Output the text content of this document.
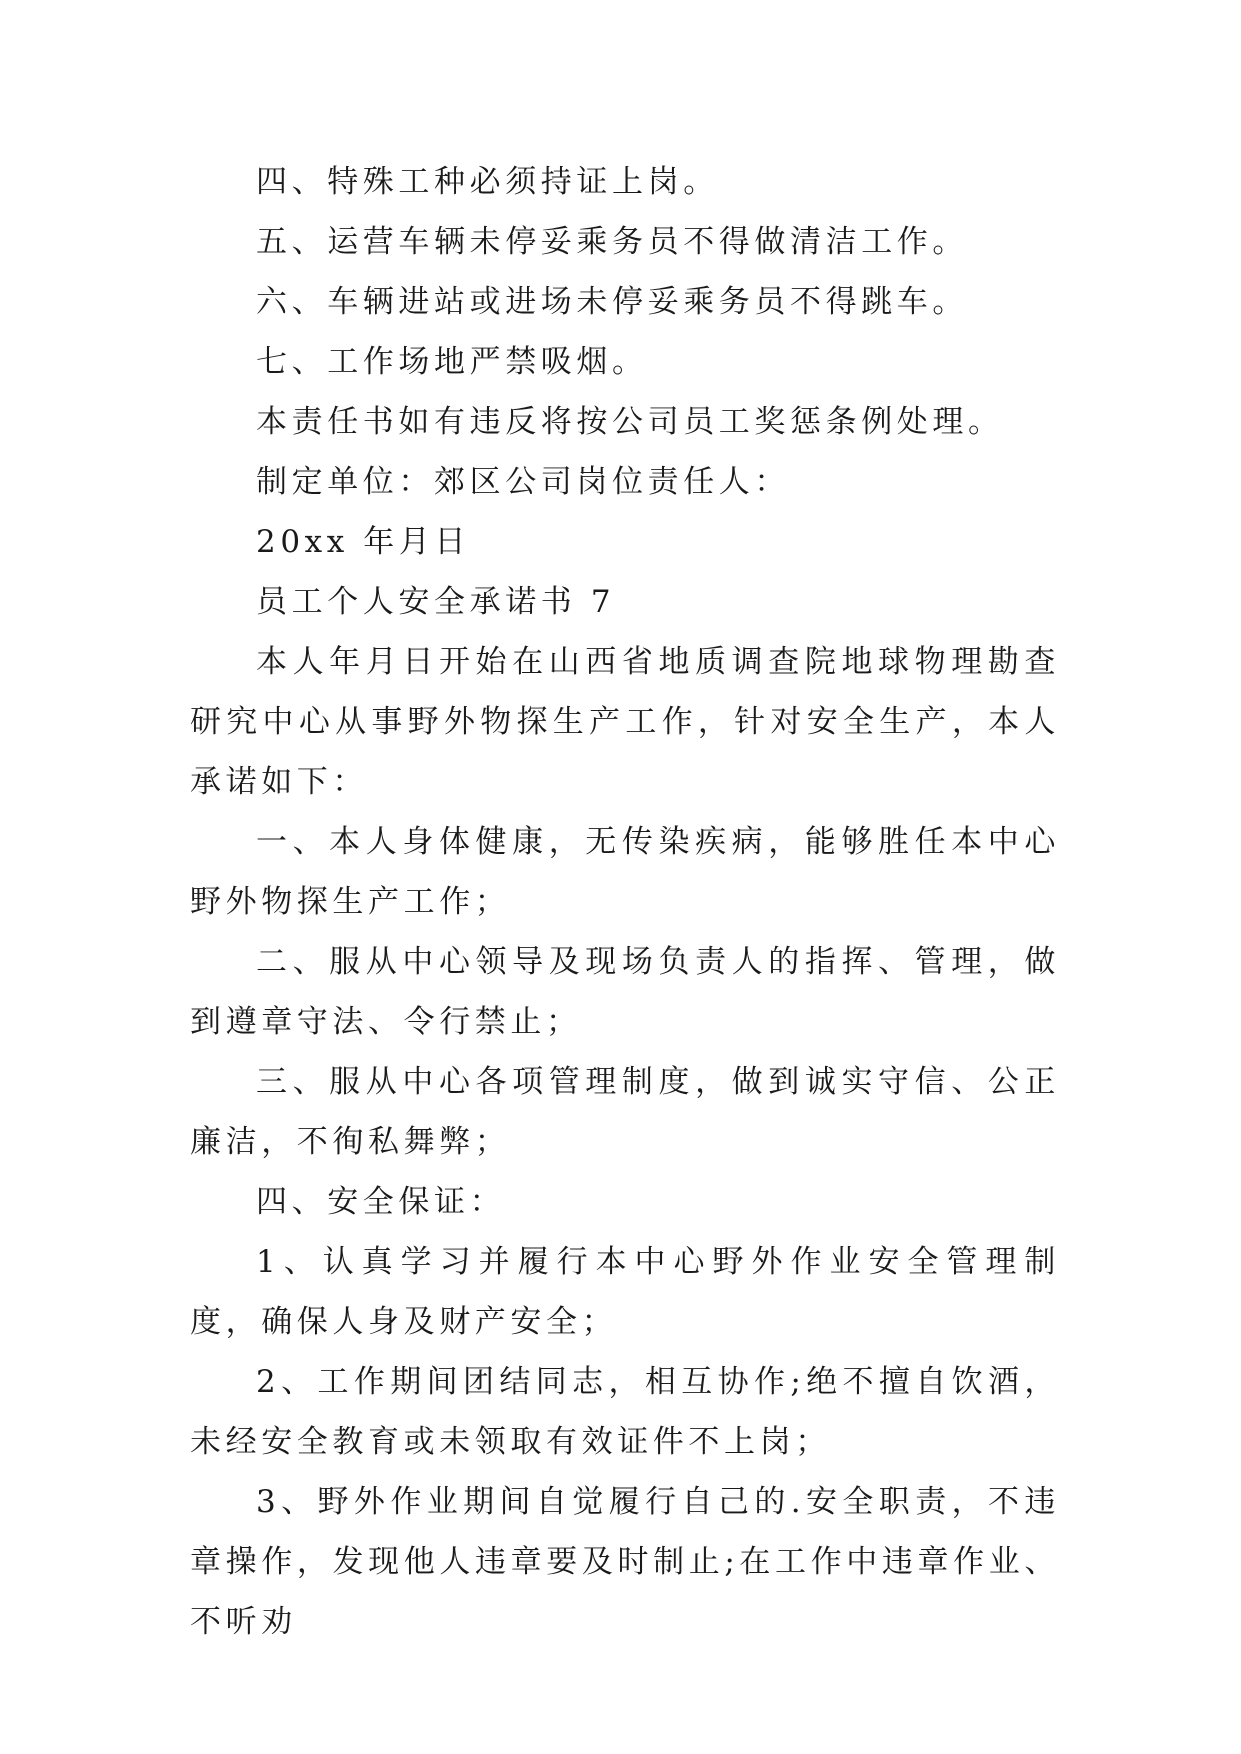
四、特殊工种必须持证上岗。

五、运营车辆未停妥乘务员不得做清洁工作。

六、车辆进站或进场未停妥乘务员不得跳车。

七、工作场地严禁吸烟。

本责任书如有违反将按公司员工奖惩条例处理。

制定单位：郊区公司岗位责任人：

20xx 年月日

员工个人安全承诺书 7

本人年月日开始在山西省地质调查院地球物理勘查研究中心从事野外物探生产工作，针对安全生产，本人承诺如下：

一、本人身体健康，无传染疾病，能够胜任本中心野外物探生产工作；

二、服从中心领导及现场负责人的指挥、管理，做到遵章守法、令行禁止；

三、服从中心各项管理制度，做到诚实守信、公正廉洁，不徇私舞弊；

四、安全保证：

1、认真学习并履行本中心野外作业安全管理制度，确保人身及财产安全；

2、工作期间团结同志，相互协作;绝不擅自饮酒，未经安全教育或未领取有效证件不上岗；

3、野外作业期间自觉履行自己的.安全职责，不违章操作，发现他人违章要及时制止;在工作中违章作业、不听劝
